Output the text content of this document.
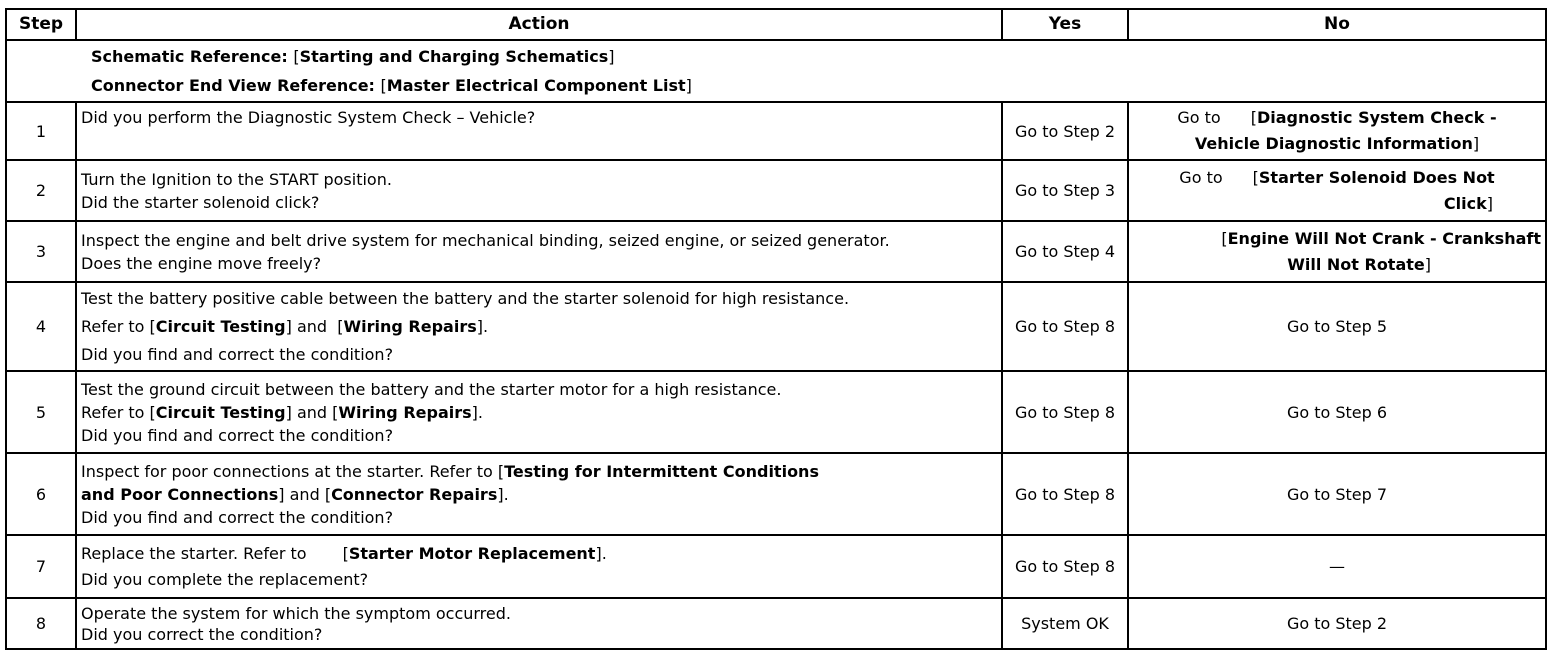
Step	Action	Yes	No

Schematic Reference: [Starting and Charging Schematics]
Connector End View Reference: [Master Electrical Component List]			

1	Did you perform the Diagnostic System Check – Vehicle?	Go to Step 2	Go to [Diagnostic System Check -
Vehicle Diagnostic Information]

2	Turn the Ignition to the START position.
Did the starter solenoid click?	Go to Step 3	Go to [Starter Solenoid Does Not
Click]

3	Inspect the engine and belt drive system for mechanical binding, seized engine, or seized generator.
Does the engine move freely?	Go to Step 4	[Engine Will Not Crank - Crankshaft
Will Not Rotate]

4	Test the battery positive cable between the battery and the starter solenoid for high resistance.
Refer to [Circuit Testing] and  [Wiring Repairs].
Did you find and correct the condition?	Go to Step 8	Go to Step 5
5	Test the ground circuit between the battery and the starter motor for a high resistance.
Refer to [Circuit Testing] and [Wiring Repairs].
Did you find and correct the condition?	Go to Step 8	Go to Step 6
6	Inspect for poor connections at the starter. Refer to [Testing for Intermittent Conditions
and Poor Connections] and [Connector Repairs].
Did you find and correct the condition?	Go to Step 8	Go to Step 7
7	Replace the starter. Refer to [Starter Motor Replacement].
Did you complete the replacement?	Go to Step 8	—
8	Operate the system for which the symptom occurred.
Did you correct the condition?	System OK	Go to Step 2
